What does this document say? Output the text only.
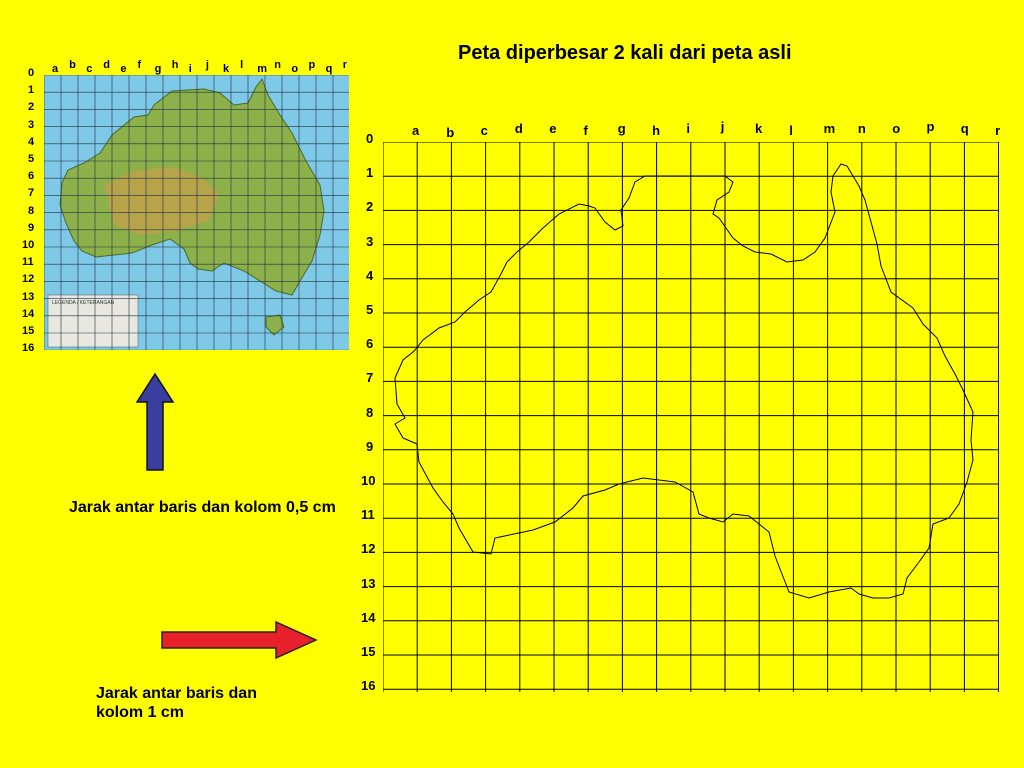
Peta diperbesar 2 kali dari peta asli
a b c d e f g h i j k l m n o p q r
0
1
2
3
4
5
6
7
8
9
10
11
12
13
14
15
16
LEGENDA / KETERANGAN
a b c d e f g h i j k l m n o p q r
0
1
2
3
4
5
6
7
8
9
10
11
12
13
14
15
16
Jarak antar baris dan kolom 0,5 cm
Jarak antar baris dan kolom 1 cm
